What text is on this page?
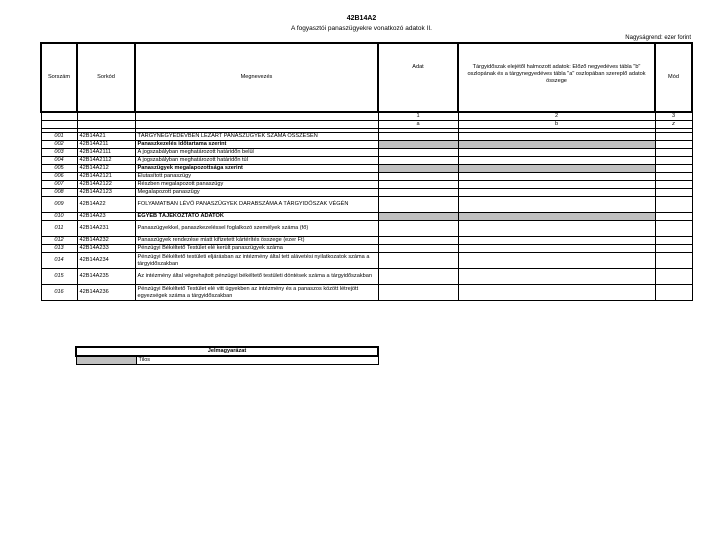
42B14A2
A fogyasztói panaszügyekre vonatkozó adatok II.
Nagyságrend: ezer forint
Sorszám	Sorkód	Megnevezés	Adat	Tárgyidőszak elejétől halmozott adatok: Előző negyedéves tábla "b" oszlopának és a tárgynegyedéves tábla "a" oszlopában szereplő adatok összege	Mód
			1	2	3
			a	b	z

001	42B14A21	TÁRGYNEGYEDÉVBEN LEZÁRT PANASZÜGYEK SZÁMA ÖSSZESEN			
002	42B14A211	Panaszkezelés időtartama szerint			
003	42B14A2111	A jogszabályban meghatározott határidőn belül			
004	42B14A2112	A jogszabályban meghatározott határidőn túl			
005	42B14A212	Panaszügyek megalapozottsága szerint			
006	42B14A2121	Elutasított panaszügy			
007	42B14A2122	Részben megalapozott panaszügy			
008	42B14A2123	Megalapozott panaszügy			
009	42B14A22	FOLYAMATBAN LÉVŐ PANASZÜGYEK DARABSZÁMA A TÁRGYIDŐSZAK VÉGÉN			
010	42B14A23	EGYÉB TÁJÉKOZTATÓ ADATOK			
011	42B14A231	Panaszügyekkel, panaszkezeléssel foglalkozó személyek száma (fő)			
012	42B14A232	Panaszügyek rendezése miatt kifizetett kártérítés összege (ezer Ft)			
013	42B14A233	Pénzügyi Békéltető Testület elé került panaszügyek száma			
014	42B14A234	Pénzügyi Békéltető testületi eljárásban az intézmény által tett alávetési nyilatkozatok száma a tárgyidőszakban			
015	42B14A235	Az intézmény által végrehajtott pénzügyi békéltető testületi döntések száma a tárgyidőszakban			
016	42B14A236	Pénzügyi Békéltető Testület elé vitt ügyekben az intézmény és a panaszos között létrejött egyezségek száma a tárgyidőszakban			
Jelmagyarázat
	Tilos
